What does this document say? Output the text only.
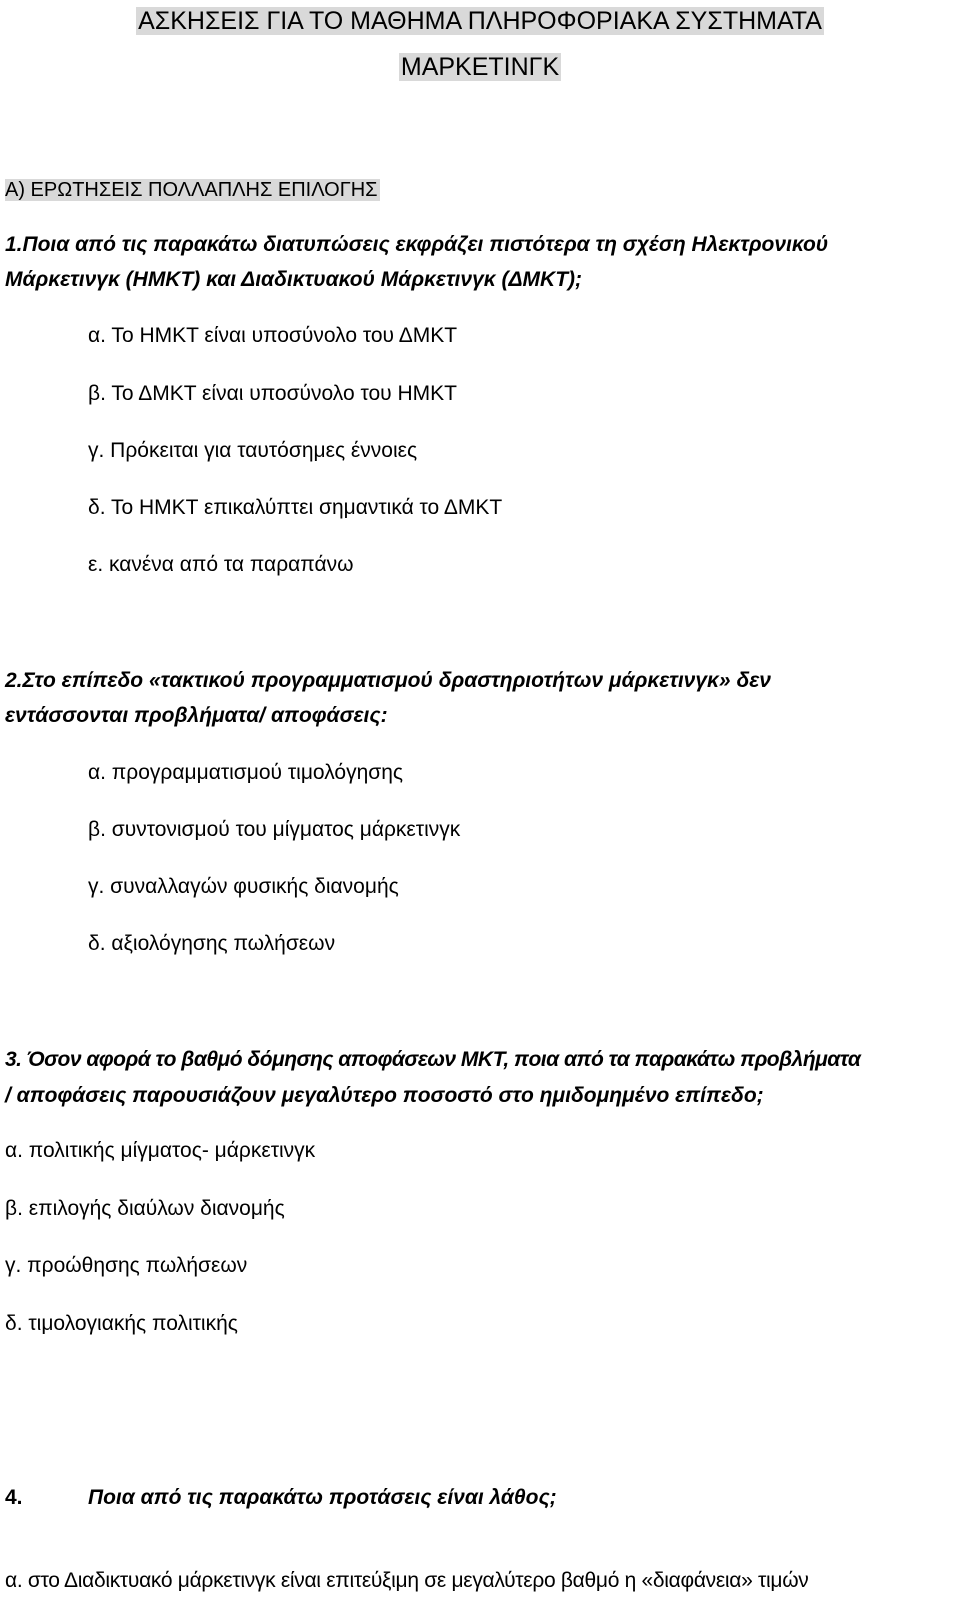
ΑΣΚΗΣΕΙΣ ΓΙΑ ΤΟ ΜΑΘΗΜΑ ΠΛΗΡΟΦΟΡΙΑΚΑ ΣΥΣΤΗΜΑΤΑ
ΜΑΡΚΕΤΙΝΓΚ
Α) ΕΡΩΤΗΣΕΙΣ ΠΟΛΛΑΠΛΗΣ ΕΠΙΛΟΓΗΣ
1.Ποια από τις παρακάτω διατυπώσεις εκφράζει πιστότερα τη σχέση Ηλεκτρονικού
Μάρκετινγκ (ΗΜΚΤ) και Διαδικτυακού Μάρκετινγκ (ΔΜΚΤ);
α. Το ΗΜΚΤ είναι υποσύνολο του ΔΜΚΤ
β. Το ΔΜΚΤ είναι υποσύνολο του ΗΜΚΤ
γ. Πρόκειται για ταυτόσημες έννοιες
δ. Το ΗΜΚΤ επικαλύπτει σημαντικά το ΔΜΚΤ
ε. κανένα από τα παραπάνω
2.Στο επίπεδο «τακτικού προγραμματισμού δραστηριοτήτων μάρκετινγκ» δεν
εντάσσονται προβλήματα/ αποφάσεις:
α. προγραμματισμού τιμολόγησης
β. συντονισμού του μίγματος μάρκετινγκ
γ. συναλλαγών φυσικής διανομής
δ. αξιολόγησης πωλήσεων
3. Όσον αφορά το βαθμό δόμησης αποφάσεων ΜΚΤ, ποια από τα παρακάτω προβλήματα
/ αποφάσεις παρουσιάζουν μεγαλύτερο ποσοστό στο ημιδομημένο επίπεδο;
α. πολιτικής μίγματος- μάρκετινγκ
β. επιλογής διαύλων διανομής
γ. προώθησης πωλήσεων
δ. τιμολογιακής πολιτικής
4.	Ποια από τις παρακάτω προτάσεις είναι λάθος;
α. στο Διαδικτυακό μάρκετινγκ είναι επιτεύξιμη σε μεγαλύτερο βαθμό η «διαφάνεια» τιμών
